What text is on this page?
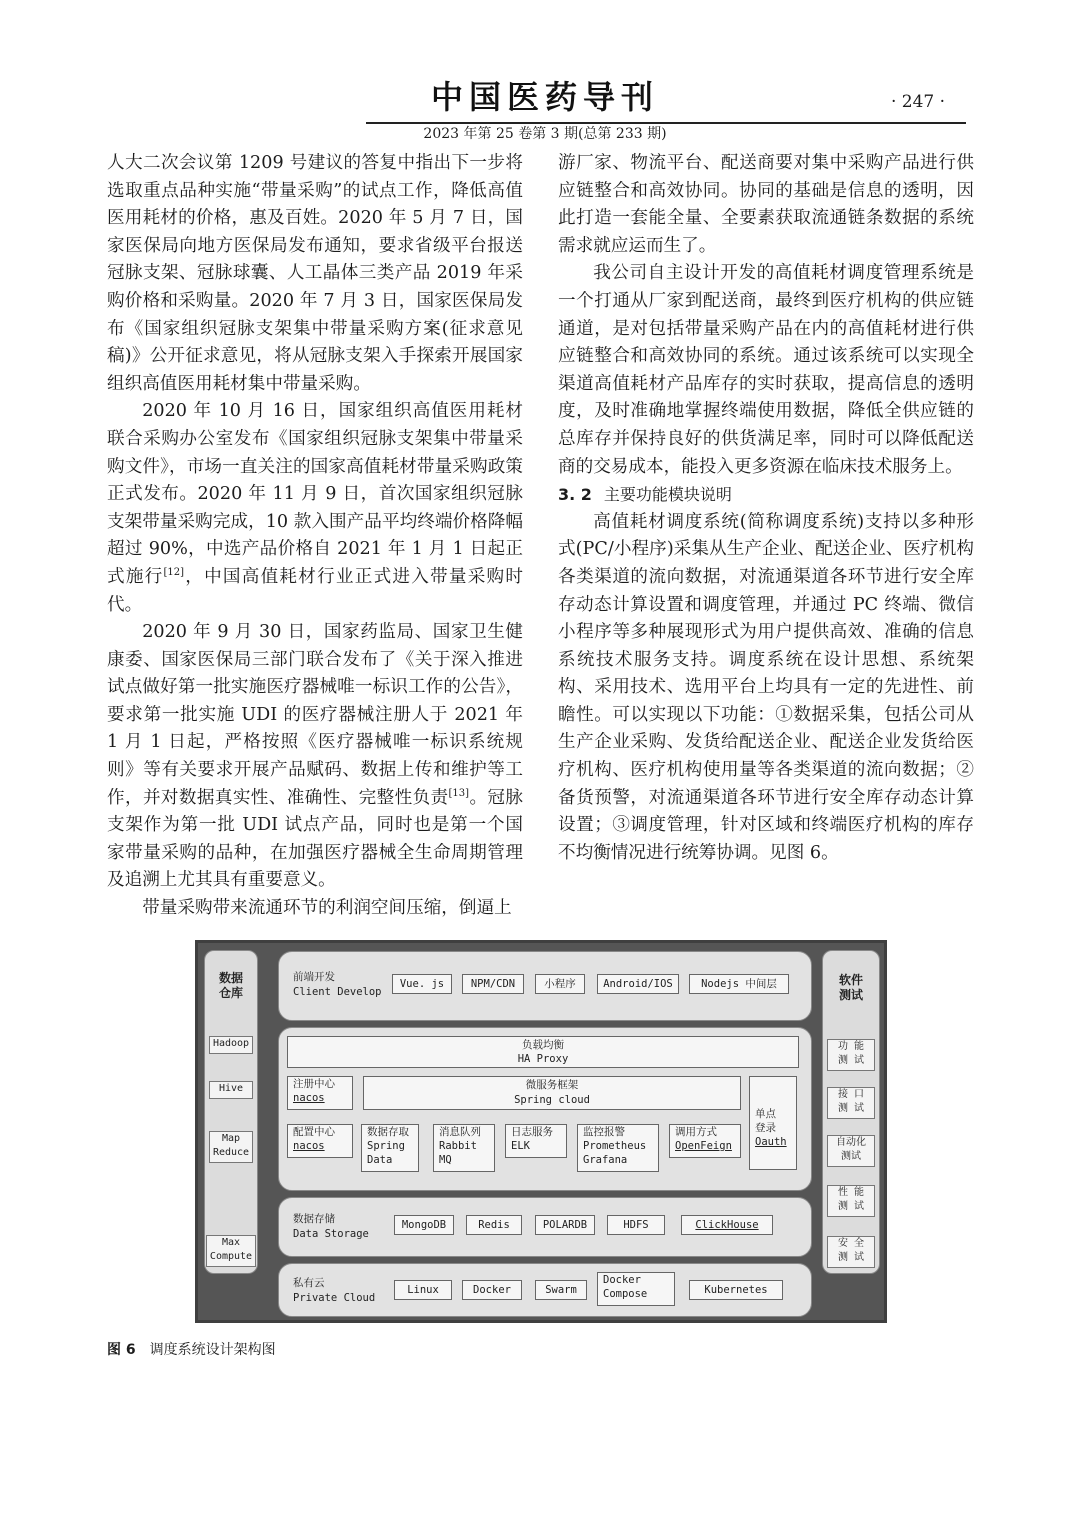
中国医药导刊	· 247 ·
2023 年第 25 卷第 3 期(总第 233 期)

人大二次会议第 1209 号建议的答复中指出下一步将选取重点品种实施“带量采购”的试点工作，降低高值医用耗材的价格，惠及百姓。2020 年 5 月 7 日，国家医保局向地方医保局发布通知，要求省级平台报送冠脉支架、冠脉球囊、人工晶体三类产品 2019 年采购价格和采购量。2020 年 7 月 3 日，国家医保局发布《国家组织冠脉支架集中带量采购方案(征求意见稿)》公开征求意见，将从冠脉支架入手探索开展国家组织高值医用耗材集中带量采购。

2020 年 10 月 16 日，国家组织高值医用耗材联合采购办公室发布《国家组织冠脉支架集中带量采购文件》，市场一直关注的国家高值耗材带量采购政策正式发布。2020 年 11 月 9 日，首次国家组织冠脉支架带量采购完成，10 款入围产品平均终端价格降幅超过 90%，中选产品价格自 2021 年 1 月 1 日起正式施行[12]，中国高值耗材行业正式进入带量采购时代。

2020 年 9 月 30 日，国家药监局、国家卫生健康委、国家医保局三部门联合发布了《关于深入推进试点做好第一批实施医疗器械唯一标识工作的公告》，要求第一批实施 UDI 的医疗器械注册人于 2021 年 1 月 1 日起，严格按照《医疗器械唯一标识系统规则》等有关要求开展产品赋码、数据上传和维护等工作，并对数据真实性、准确性、完整性负责[13]。冠脉支架作为第一批 UDI 试点产品，同时也是第一个国家带量采购的品种，在加强医疗器械全生命周期管理及追溯上尤其具有重要意义。

带量采购带来流通环节的利润空间压缩，倒逼上

游厂家、物流平台、配送商要对集中采购产品进行供应链整合和高效协同。协同的基础是信息的透明，因此打造一套能全量、全要素获取流通链条数据的系统需求就应运而生了。

我公司自主设计开发的高值耗材调度管理系统是一个打通从厂家到配送商，最终到医疗机构的供应链通道，是对包括带量采购产品在内的高值耗材进行供应链整合和高效协同的系统。通过该系统可以实现全渠道高值耗材产品库存的实时获取，提高信息的透明度，及时准确地掌握终端使用数据，降低全供应链的总库存并保持良好的供货满足率，同时可以降低配送商的交易成本，能投入更多资源在临床技术服务上。

3. 2 主要功能模块说明

高值耗材调度系统(简称调度系统)支持以多种形式(PC/小程序)采集从生产企业、配送企业、医疗机构各类渠道的流向数据，对流通渠道各环节进行安全库存动态计算设置和调度管理，并通过 PC 终端、微信小程序等多种展现形式为用户提供高效、准确的信息系统技术服务支持。调度系统在设计思想、系统架构、采用技术、选用平台上均具有一定的先进性、前瞻性。可以实现以下功能：①数据采集，包括公司从生产企业采购、发货给配送企业、配送企业发货给医疗机构、医疗机构使用量等各类渠道的流向数据；②备货预警，对流通渠道各环节进行安全库存动态计算设置；③调度管理，针对区域和终端医疗机构的库存不均衡情况进行统筹协调。见图 6。

数据
仓库
Hadoop
Hive
Map
Reduce
Max
Compute
软件
测试
功 能
测 试
接 口
测 试
自动化
测试
性 能
测 试
安 全
测 试
前端开发
Client Develop
Vue. js	NPM/CDN	小程序	Android/IOS	Nodejs 中间层
负载均衡
HA Proxy
注册中心
nacos
微服务框架
Spring cloud
配置中心
nacos
数据存取
Spring
Data
消息队列
Rabbit
MQ
日志服务
ELK
监控报警
Prometheus
Grafana
调用方式
OpenFeign
单点
登录
Oauth
数据存储
Data Storage
MongoDB	Redis	POLARDB	HDFS	ClickHouse
私有云
Private Cloud
Linux	Docker	Swarm
Docker
Compose	Kubernetes
图 6 调度系统设计架构图
